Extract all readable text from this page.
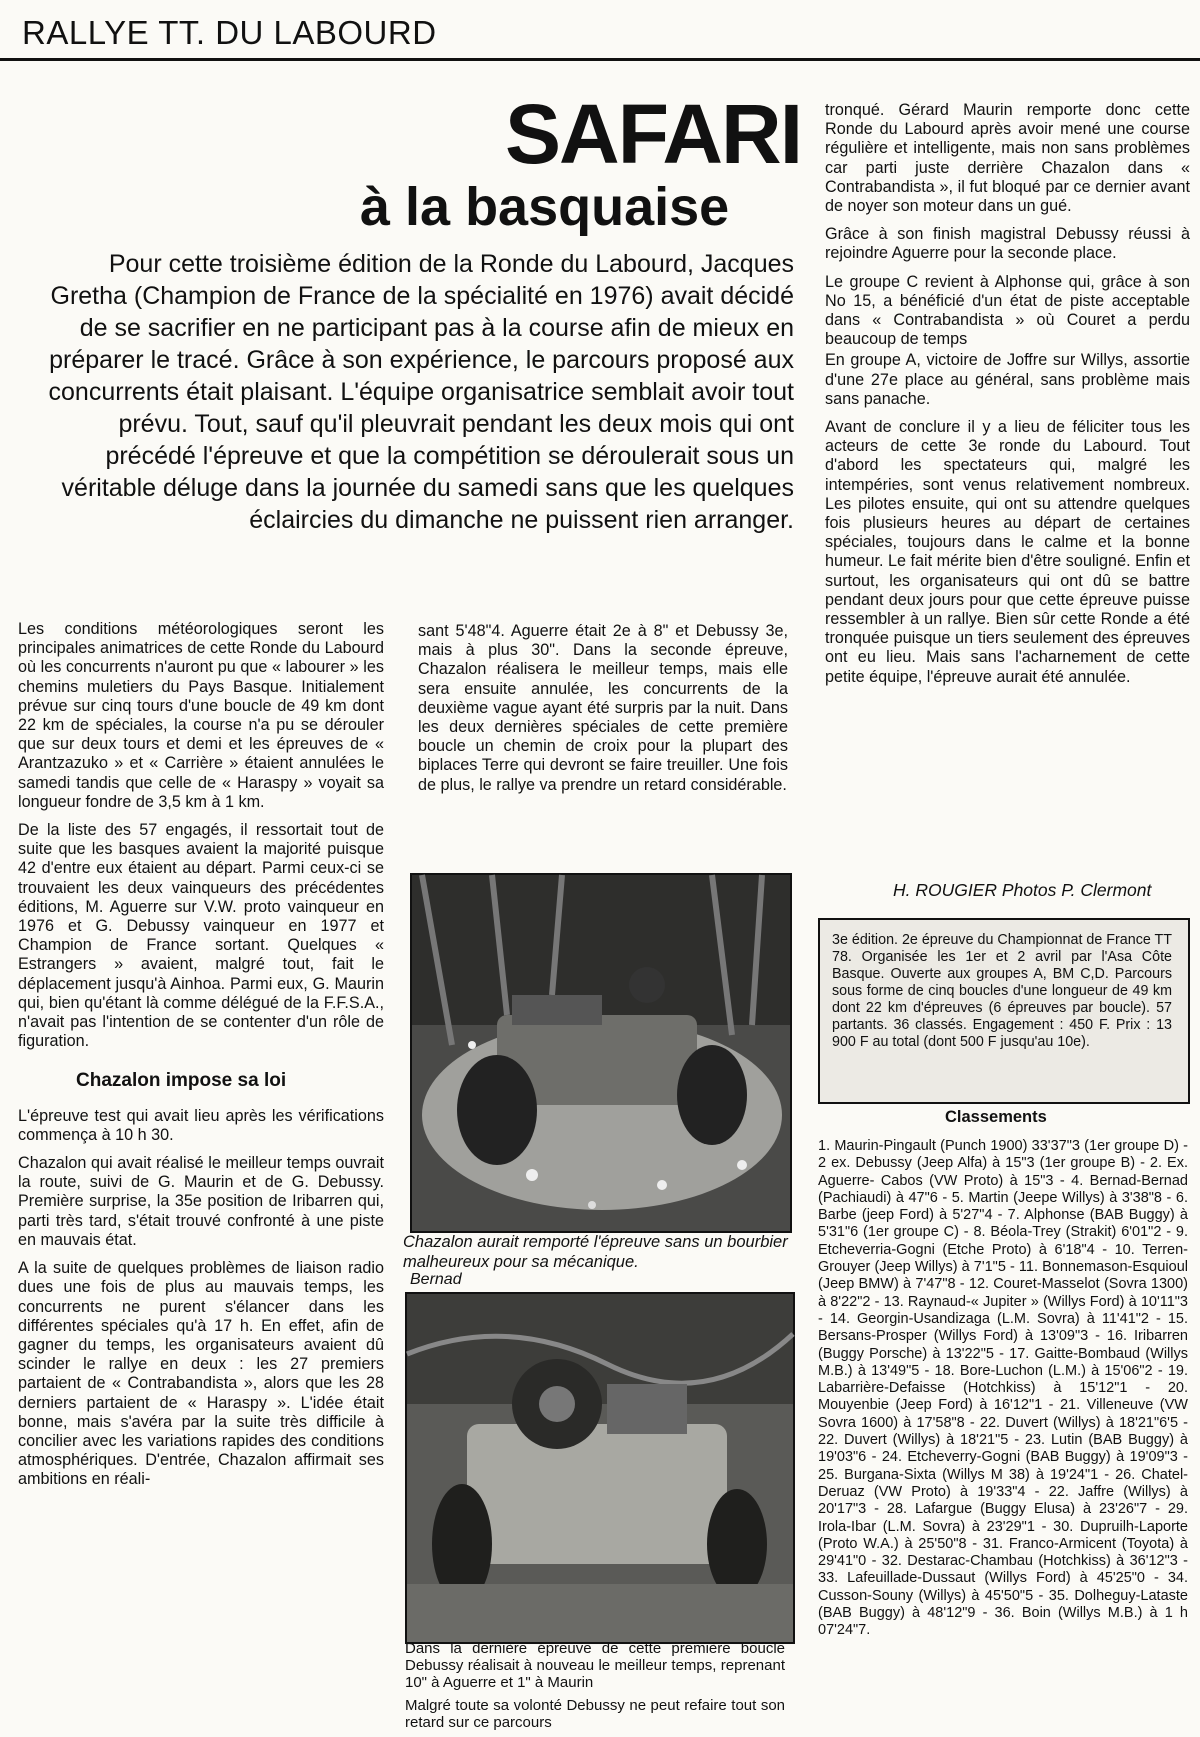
RALLYE TT. DU LABOURD
SAFARI
à la basquaise

Pour cette troisième édition de la Ronde du Labourd, Jacques Gretha (Champion de France de la spécialité en 1976) avait décidé de se sacrifier en ne participant pas à la course afin de mieux en préparer le tracé. Grâce à son expérience, le parcours proposé aux concurrents était plaisant. L'équipe organisatrice semblait avoir tout prévu. Tout, sauf qu'il pleuvrait pendant les deux mois qui ont précédé l'épreuve et que la compétition se déroulerait sous un véritable déluge dans la journée du samedi sans que les quelques éclaircies du dimanche ne puissent rien arranger.

Les conditions météorologiques seront les principales animatrices de cette Ronde du Labourd où les concurrents n'auront pu que « labourer » les chemins muletiers du Pays Basque. Initialement prévue sur cinq tours d'une boucle de 49 km dont 22 km de spéciales, la course n'a pu se dérouler que sur deux tours et demi et les épreuves de « Arantzazuko » et « Carrière » étaient annulées le samedi tandis que celle de « Haraspy » voyait sa longueur fondre de 3,5 km à 1 km.

De la liste des 57 engagés, il ressortait tout de suite que les basques avaient la majorité puisque 42 d'entre eux étaient au départ. Parmi ceux-ci se trouvaient les deux vainqueurs des précédentes éditions, M. Aguerre sur V.W. proto vainqueur en 1976 et G. Debussy vainqueur en 1977 et Champion de France sortant. Quelques « Estrangers » avaient, malgré tout, fait le déplacement jusqu'à Ainhoa. Parmi eux, G. Maurin qui, bien qu'étant là comme délégué de la F.F.S.A., n'avait pas l'intention de se contenter d'un rôle de figuration.

Chazalon impose sa loi

L'épreuve test qui avait lieu après les vérifications commença à 10 h 30.

Chazalon qui avait réalisé le meilleur temps ouvrait la route, suivi de G. Maurin et de G. Debussy. Première surprise, la 35e position de Iribarren qui, parti très tard, s'était trouvé confronté à une piste en mauvais état.

A la suite de quelques problèmes de liaison radio dues une fois de plus au mauvais temps, les concurrents ne purent s'élancer dans les différentes spéciales qu'à 17 h. En effet, afin de gagner du temps, les organisateurs avaient dû scinder le rallye en deux : les 27 premiers partaient de « Contrabandista », alors que les 28 derniers partaient de « Haraspy ». L'idée était bonne, mais s'avéra par la suite très difficile à concilier avec les variations rapides des conditions atmosphériques. D'entrée, Chazalon affirmait ses ambitions en réali-

sant 5'48"4. Aguerre était 2e à 8" et Debussy 3e, mais à plus 30". Dans la seconde épreuve, Chazalon réalisera le meilleur temps, mais elle sera ensuite annulée, les concurrents de la deuxième vague ayant été surpris par la nuit. Dans les deux dernières spéciales de cette première boucle un chemin de croix pour la plupart des biplaces Terre qui devront se faire treuiller. Une fois de plus, le rallye va prendre un retard considérable.

Chazalon aurait remporté l'épreuve sans un bourbier malheureux pour sa mécanique.
Bernad

Dans la dernière épreuve de cette première boucle Debussy réalisait à nouveau le meilleur temps, reprenant 10" à Aguerre et 1" à Maurin

Malgré toute sa volonté Debussy ne peut refaire tout son retard sur ce parcours

tronqué. Gérard Maurin remporte donc cette Ronde du Labourd après avoir mené une course régulière et intelligente, mais non sans problèmes car parti juste derrière Chazalon dans « Contrabandista », il fut bloqué par ce dernier avant de noyer son moteur dans un gué.

Grâce à son finish magistral Debussy réussi à rejoindre Aguerre pour la seconde place.

Le groupe C revient à Alphonse qui, grâce à son No 15, a bénéficié d'un état de piste acceptable dans « Contrabandista » où Couret a perdu beaucoup de temps

En groupe A, victoire de Joffre sur Willys, assortie d'une 27e place au général, sans problème mais sans panache.

Avant de conclure il y a lieu de féliciter tous les acteurs de cette 3e ronde du Labourd. Tout d'abord les spectateurs qui, malgré les intempéries, sont venus relativement nombreux. Les pilotes ensuite, qui ont su attendre quelques fois plusieurs heures au départ de certaines spéciales, toujours dans le calme et la bonne humeur. Le fait mérite bien d'être souligné. Enfin et surtout, les organisateurs qui ont dû se battre pendant deux jours pour que cette épreuve puisse ressembler à un rallye. Bien sûr cette Ronde a été tronquée puisque un tiers seulement des épreuves ont eu lieu. Mais sans l'acharnement de cette petite équipe, l'épreuve aurait été annulée.

H. ROUGIER Photos P. Clermont
3e édition. 2e épreuve du Championnat de France TT 78. Organisée les 1er et 2 avril par l'Asa Côte Basque. Ouverte aux groupes A, BM C,D. Parcours sous forme de cinq boucles d'une longueur de 49 km dont 22 km d'épreuves (6 épreuves par boucle). 57 partants. 36 classés. Engagement : 450 F. Prix : 13 900 F au total (dont 500 F jusqu'au 10e).
Classements
1. Maurin-Pingault (Punch 1900) 33'37"3 (1er groupe D) - 2 ex. Debussy (Jeep Alfa) à 15"3 (1er groupe B) - 2. Ex. Aguerre- Cabos (VW Proto) à 15"3 - 4. Bernad-Bernad (Pachiaudi) à 47"6 - 5. Martin (Jeepe Willys) à 3'38"8 - 6. Barbe (jeep Ford) à 5'27"4 - 7. Alphonse (BAB Buggy) à 5'31"6 (1er groupe C) - 8. Béola-Trey (Strakit) 6'01"2 - 9. Etcheverria-Gogni (Etche Proto) à 6'18"4 - 10. Terren-Grouyer (Jeep Willys) à 7'1"5 - 11. Bonnemason-Esquioul (Jeep BMW) à 7'47"8 - 12. Couret-Masselot (Sovra 1300) à 8'22"2 - 13. Raynaud-« Jupiter » (Willys Ford) à 10'11"3 - 14. Georgin-Usandizaga (L.M. Sovra) à 11'41"2 - 15. Bersans-Prosper (Willys Ford) à 13'09"3 - 16. Iribarren (Buggy Porsche) à 13'22"5 - 17. Gaitte-Bombaud (Willys M.B.) à 13'49"5 - 18. Bore-Luchon (L.M.) à 15'06"2 - 19. Labarrière-Defaisse (Hotchkiss) à 15'12"1 - 20. Mouyenbie (Jeep Ford) à 16'12"1 - 21. Villeneuve (VW Sovra 1600) à 17'58"8 - 22. Duvert (Willys) à 18'21"6'5 - 22. Duvert (Willys) à 18'21"5 - 23. Lutin (BAB Buggy) à 19'03"6 - 24. Etcheverry-Gogni (BAB Buggy) à 19'09"3 - 25. Burgana-Sixta (Willys M 38) à 19'24"1 - 26. Chatel-Deruaz (VW Proto) à 19'33"4 - 22. Jaffre (Willys) à 20'17"3 - 28. Lafargue (Buggy Elusa) à 23'26"7 - 29. Irola-Ibar (L.M. Sovra) à 23'29"1 - 30. Dupruilh-Laporte (Proto W.A.) à 25'50"8 - 31. Franco-Armicent (Toyota) à 29'41"0 - 32. Destarac-Chambau (Hotchkiss) à 36'12"3 - 33. Lafeuillade-Dussaut (Willys Ford) à 45'25"0 - 34. Cusson-Souny (Willys) à 45'50"5 - 35. Dolheguy-Lataste (BAB Buggy) à 48'12"9 - 36. Boin (Willys M.B.) à 1 h 07'24"7.
